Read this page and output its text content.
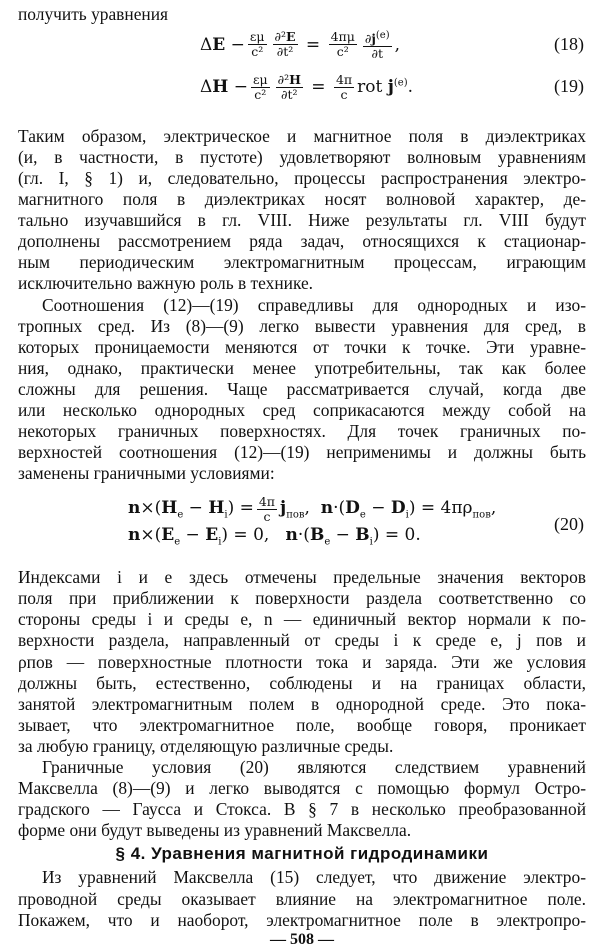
получить уравнения
$\Delta E - \frac{\varepsilon\mu}{\text{c²}} \frac{\text{∂²E}}{\text{∂t²}} = \frac{4\pi\mu}{\text{c²}} \frac{\partial j^{(e)}}{\partial t}$ ,	(18)
$\Delta H - \frac{\varepsilon\mu}{\text{c²}} \frac{\text{∂²H}}{\text{∂t²}} = \frac{4\pi}{c}$ rot $j^{(e)}$.	(19)
Таким образом, электрическое и магнитное поля в диэлектриках
(и, в частности, в пустоте) удовлетворяют волновым уравнениям
(гл. I, § 1) и, следовательно, процессы распространения электро-
магнитного поля в диэлектриках носят волновой характер, де-
тально изучавшийся в гл. VIII. Ниже результаты гл. VIII будут
дополнены рассмотрением ряда задач, относящихся к стационар-
ным периодическим электромагнитным процессам, играющим
исключительно важную роль в технике.
Соотношения (12)—(19) справедливы для однородных и изо-
тропных сред. Из (8)—(9) легко вывести уравнения для сред, в
которых проницаемости меняются от точки к точке. Эти уравне-
ния, однако, практически менее употребительны, так как более
сложны для решения. Чаще рассматривается случай, когда две
или несколько однородных сред соприкасаются между собой на
некоторых граничных поверхностях. Для точек граничных по-
верхностей соотношения (12)—(19) неприменимы и должны быть
заменены граничными условиями:
$n\times(H_e - H_i) = \frac{4\pi}{c} j_{пов}$,  $n\cdot(D_e - D_i) = 4\pi\rho_{пов}$,
$n\times(E_e - E_i) = 0$,   $n\cdot(B_e - B_i) = 0$.
(20)
Индексами i и e здесь отмечены предельные значения векторов
поля при приближении к поверхности раздела соответственно со
стороны среды i и среды e, n — единичный вектор нормали к по-
верхности раздела, направленный от среды i к среде e, j пов и
ρпов — поверхностные плотности тока и заряда. Эти же условия
должны быть, естественно, соблюдены и на границах области,
занятой электромагнитным полем в однородной среде. Это пока-
зывает, что электромагнитное поле, вообще говоря, проникает
за любую границу, отделяющую различные среды.
Граничные условия (20) являются следствием уравнений
Максвелла (8)—(9) и легко выводятся с помощью формул Остро-
градского — Гаусса и Стокса. В § 7 в несколько преобразованной
форме они будут выведены из уравнений Максвелла.
§ 4. Уравнения магнитной гидродинамики
Из уравнений Максвелла (15) следует, что движение электро-
проводной среды оказывает влияние на электромагнитное поле.
Покажем, что и наоборот, электромагнитное поле в электропро-
— 508 —
